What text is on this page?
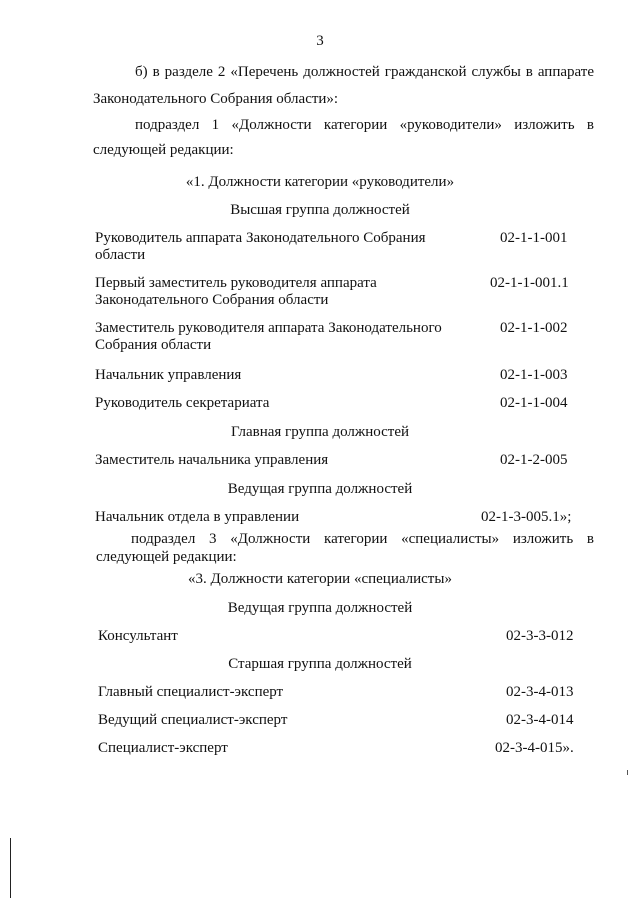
3
б) в разделе 2 «Перечень должностей гражданской службы в аппарате
Законодательного Собрания области»:
подраздел 1 «Должности категории «руководители» изложить в
следующей редакции:
«1. Должности категории «руководители»
Высшая группа должностей
Руководитель аппарата Законодательного Собрания
области
02-1-1-001
Первый заместитель руководителя аппарата
Законодательного Собрания области
02-1-1-001.1
Заместитель руководителя аппарата Законодательного
Собрания области
02-1-1-002
Начальник управления	02-1-1-003
Руководитель секретариата	02-1-1-004
Главная группа должностей
Заместитель начальника управления	02-1-2-005
Ведущая группа должностей
Начальник отдела в управлении	02-1-3-005.1»;
подраздел 3 «Должности категории «специалисты» изложить в
следующей редакции:
«3. Должности категории «специалисты»
Ведущая группа должностей
Консультант	02-3-3-012
Старшая группа должностей
Главный специалист-эксперт	02-3-4-013
Ведущий специалист-эксперт	02-3-4-014
Специалист-эксперт	02-3-4-015».
